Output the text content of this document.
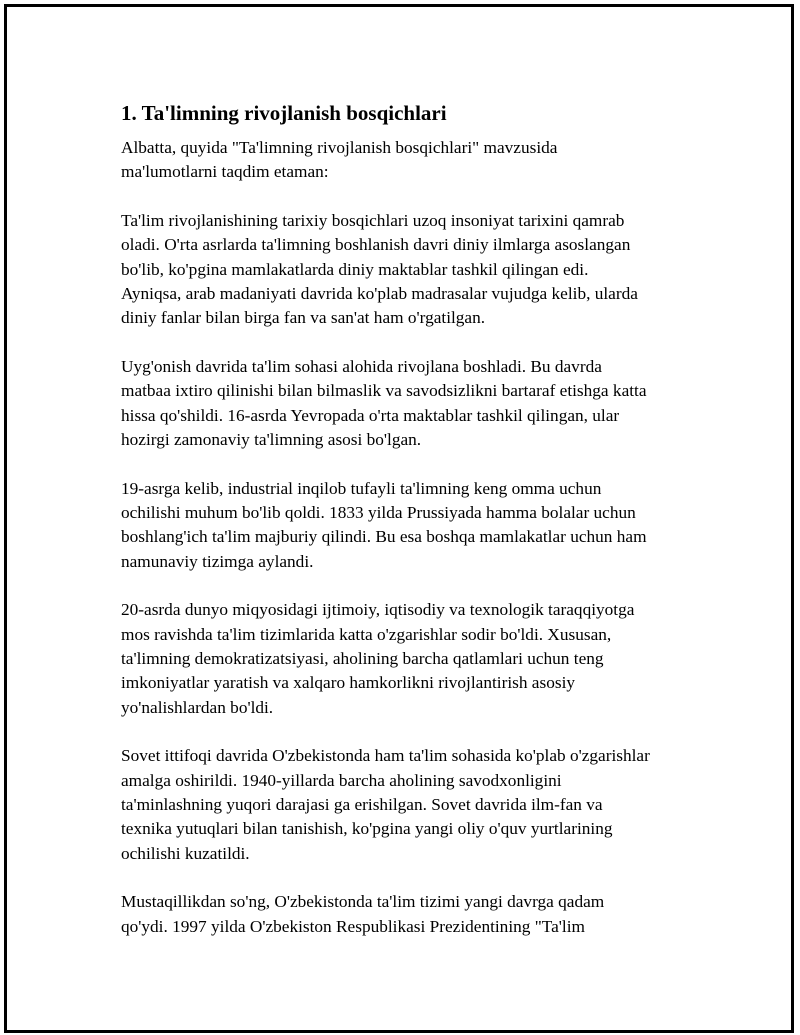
1. Ta'limning rivojlanish bosqichlari

Albatta, quyida "Ta'limning rivojlanish bosqichlari" mavzusida
ma'lumotlarni taqdim etaman:

Ta'lim rivojlanishining tarixiy bosqichlari uzoq insoniyat tarixini qamrab
oladi. O'rta asrlarda ta'limning boshlanish davri diniy ilmlarga asoslangan
bo'lib, ko'pgina mamlakatlarda diniy maktablar tashkil qilingan edi.
Ayniqsa, arab madaniyati davrida ko'plab madrasalar vujudga kelib, ularda
diniy fanlar bilan birga fan va san'at ham o'rgatilgan.

Uyg'onish davrida ta'lim sohasi alohida rivojlana boshladi. Bu davrda
matbaa ixtiro qilinishi bilan bilmaslik va savodsizlikni bartaraf etishga katta
hissa qo'shildi. 16-asrda Yevropada o'rta maktablar tashkil qilingan, ular
hozirgi zamonaviy ta'limning asosi bo'lgan.

19-asrga kelib, industrial inqilob tufayli ta'limning keng omma uchun
ochilishi muhum bo'lib qoldi. 1833 yilda Prussiyada hamma bolalar uchun
boshlang'ich ta'lim majburiy qilindi. Bu esa boshqa mamlakatlar uchun ham
namunaviy tizimga aylandi.

20-asrda dunyo miqyosidagi ijtimoiy, iqtisodiy va texnologik taraqqiyotga
mos ravishda ta'lim tizimlarida katta o'zgarishlar sodir bo'ldi. Xususan,
ta'limning demokratizatsiyasi, aholining barcha qatlamlari uchun teng
imkoniyatlar yaratish va xalqaro hamkorlikni rivojlantirish asosiy
yo'nalishlardan bo'ldi.

Sovet ittifoqi davrida O'zbekistonda ham ta'lim sohasida ko'plab o'zgarishlar
amalga oshirildi. 1940-yillarda barcha aholining savodxonligini
ta'minlashning yuqori darajasi ga erishilgan. Sovet davrida ilm-fan va
texnika yutuqlari bilan tanishish, ko'pgina yangi oliy o'quv yurtlarining
ochilishi kuzatildi.

Mustaqillikdan so'ng, O'zbekistonda ta'lim tizimi yangi davrga qadam
qo'ydi. 1997 yilda O'zbekiston Respublikasi Prezidentining "Ta'lim
